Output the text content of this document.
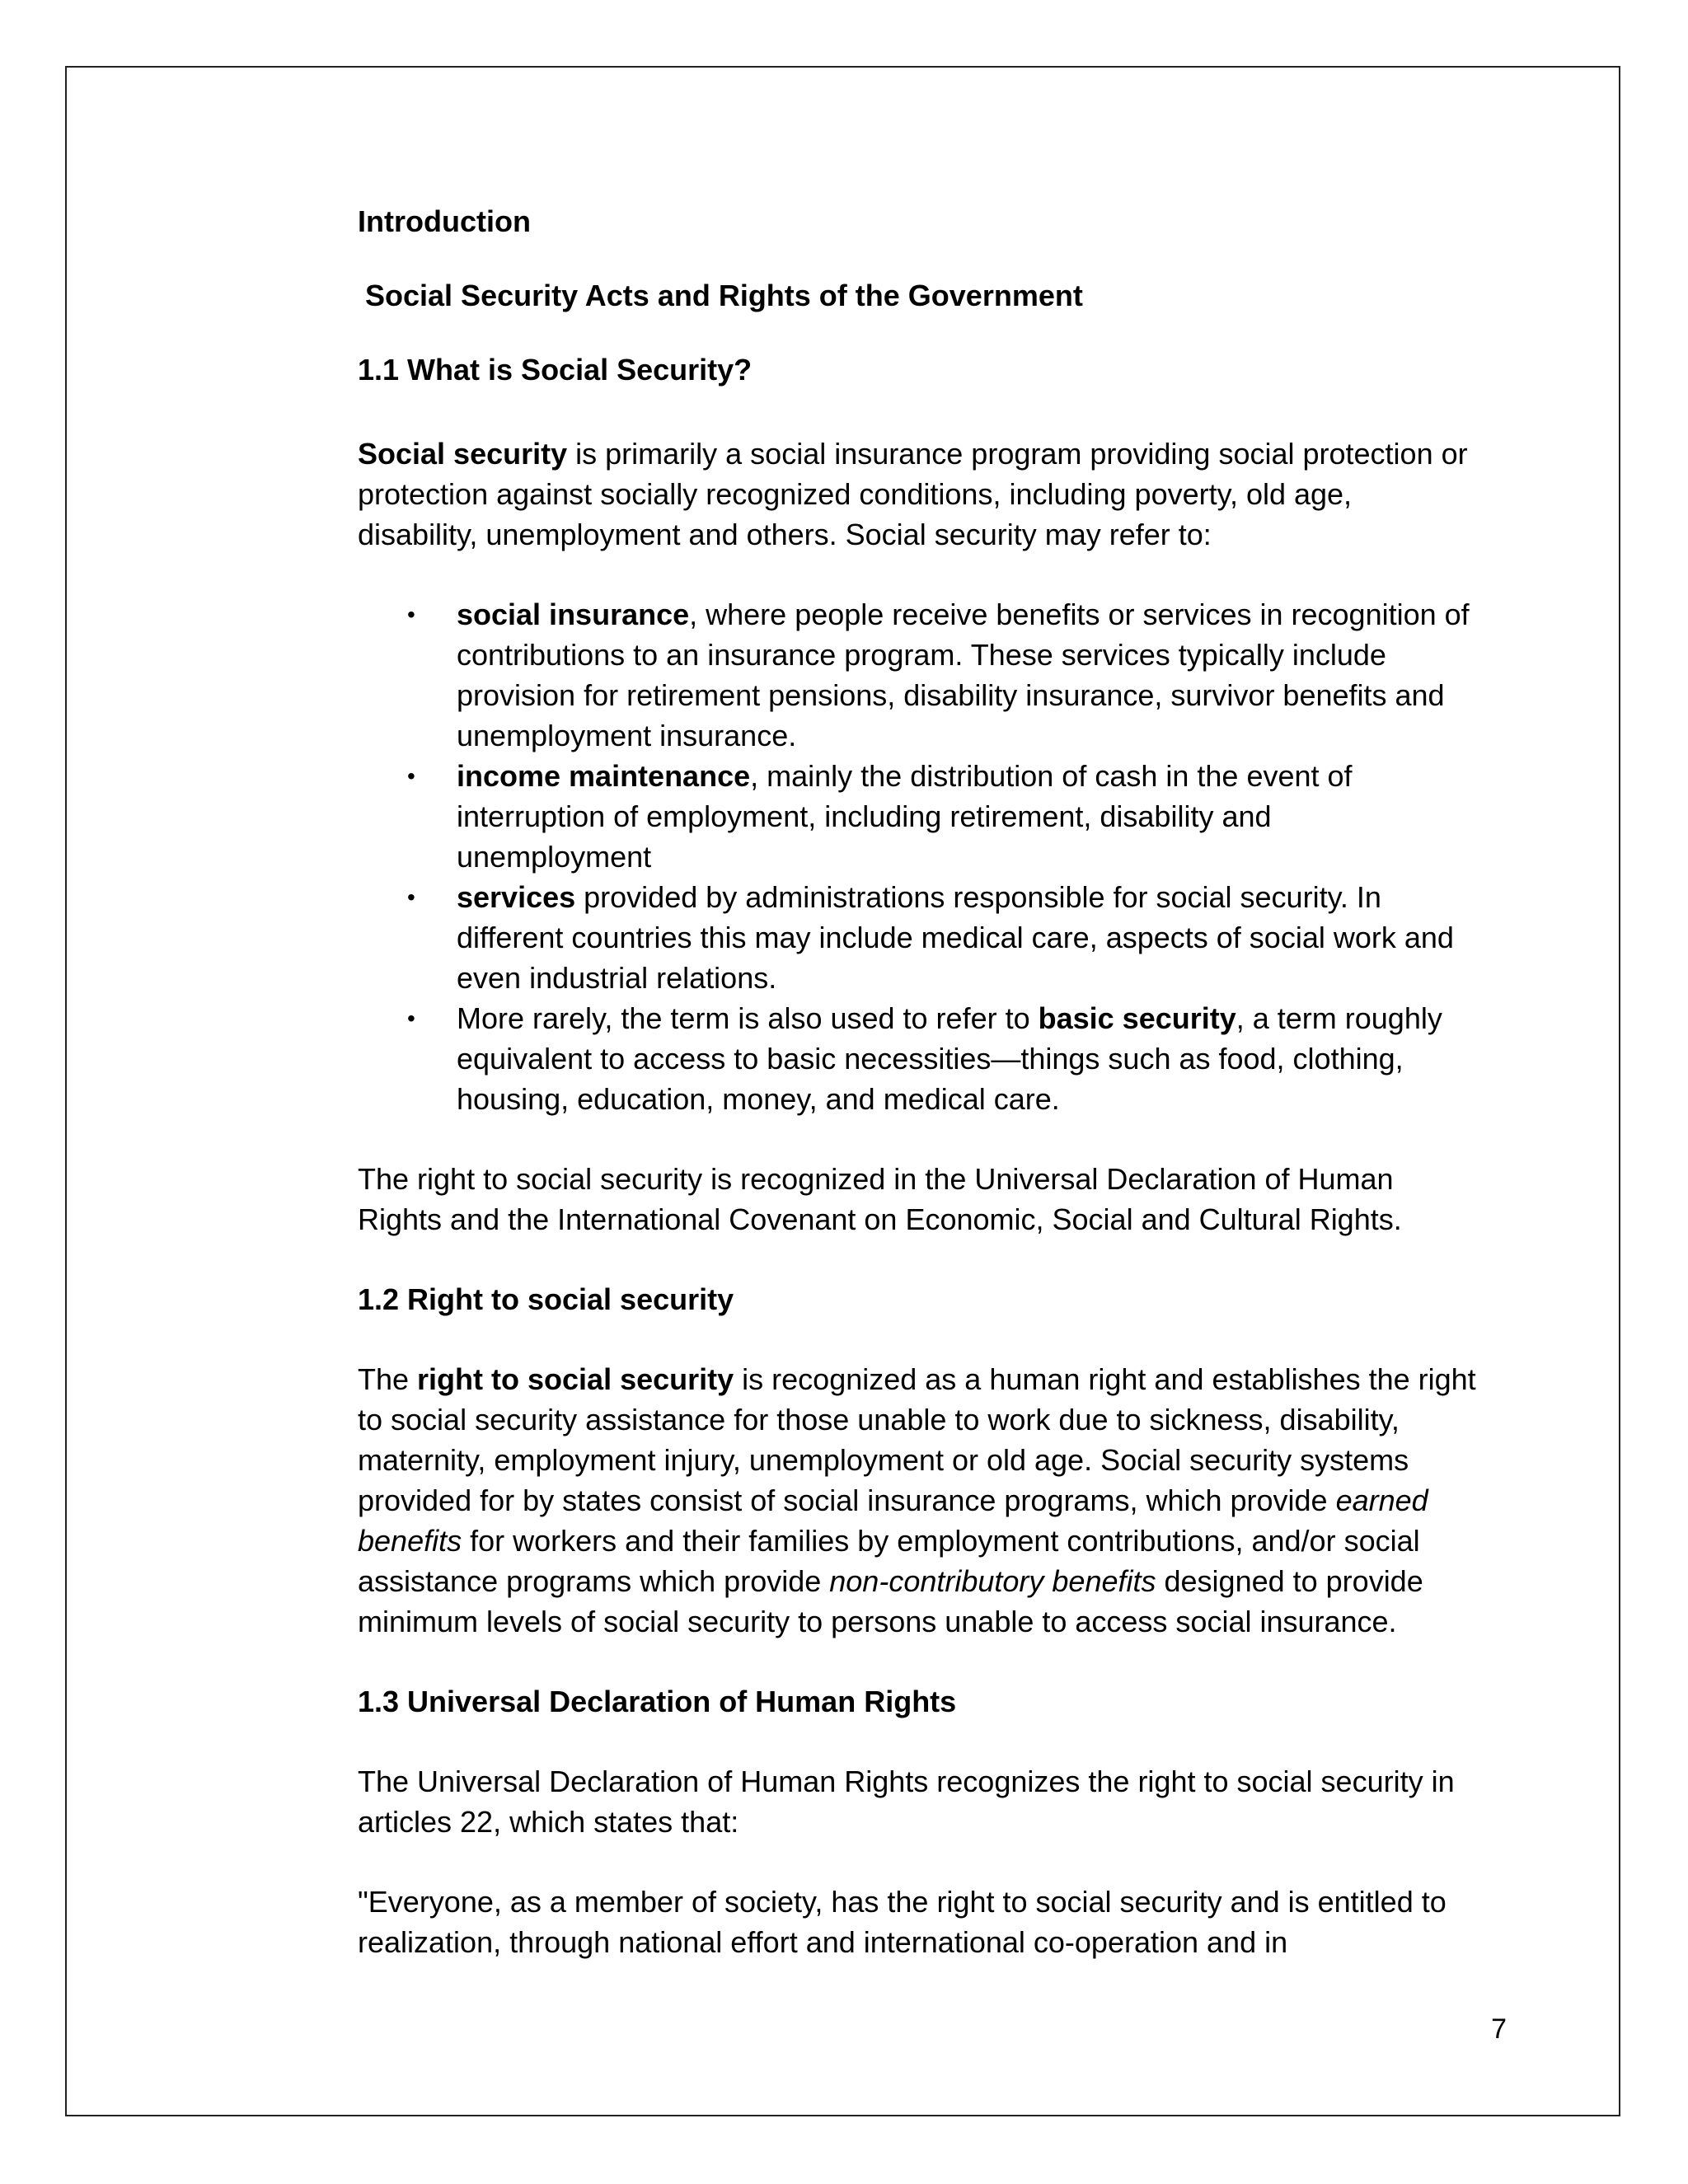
Introduction
Social Security Acts and Rights of the Government
1.1 What is Social Security?
Social security is primarily a social insurance program providing social protection or
protection against socially recognized conditions, including poverty, old age,
disability, unemployment and others. Social security may refer to:
• social insurance, where people receive benefits or services in recognition of
contributions to an insurance program. These services typically include
provision for retirement pensions, disability insurance, survivor benefits and
unemployment insurance.
• income maintenance, mainly the distribution of cash in the event of
interruption of employment, including retirement, disability and
unemployment
• services provided by administrations responsible for social security. In
different countries this may include medical care, aspects of social work and
even industrial relations.
• More rarely, the term is also used to refer to basic security, a term roughly
equivalent to access to basic necessities—things such as food, clothing,
housing, education, money, and medical care.
The right to social security is recognized in the Universal Declaration of Human
Rights and the International Covenant on Economic, Social and Cultural Rights.
1.2 Right to social security
The right to social security is recognized as a human right and establishes the right
to social security assistance for those unable to work due to sickness, disability,
maternity, employment injury, unemployment or old age. Social security systems
provided for by states consist of social insurance programs, which provide earned
benefits for workers and their families by employment contributions, and/or social
assistance programs which provide non-contributory benefits designed to provide
minimum levels of social security to persons unable to access social insurance.
1.3 Universal Declaration of Human Rights
The Universal Declaration of Human Rights recognizes the right to social security in
articles 22, which states that:
"Everyone, as a member of society, has the right to social security and is entitled to
realization, through national effort and international co-operation and in
7
